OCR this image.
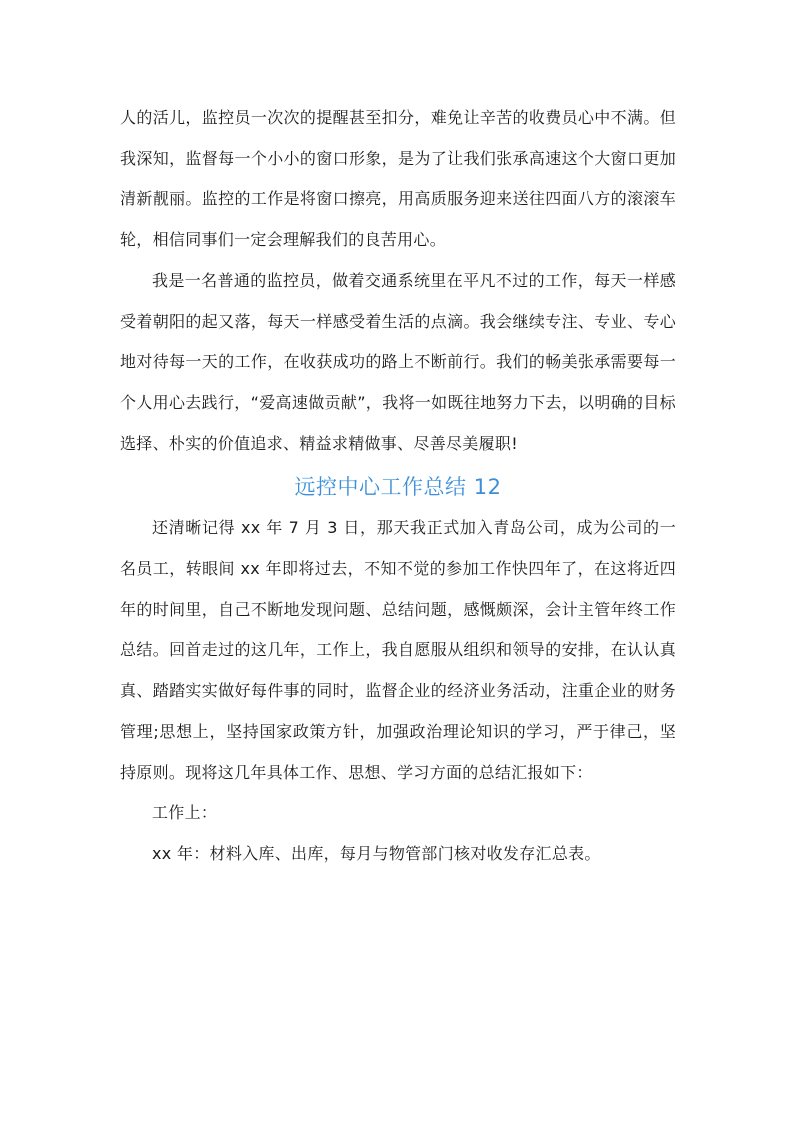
人的活儿，监控员一次次的提醒甚至扣分，难免让辛苦的收费员心中不满。但我深知，监督每一个小小的窗口形象，是为了让我们张承高速这个大窗口更加清新靓丽。监控的工作是将窗口擦亮，用高质服务迎来送往四面八方的滚滚车轮，相信同事们一定会理解我们的良苦用心。

我是一名普通的监控员，做着交通系统里在平凡不过的工作，每天一样感受着朝阳的起又落，每天一样感受着生活的点滴。我会继续专注、专业、专心地对待每一天的工作，在收获成功的路上不断前行。我们的畅美张承需要每一个人用心去践行，“爱高速做贡献”，我将一如既往地努力下去，以明确的目标选择、朴实的价值追求、精益求精做事、尽善尽美履职!

远控中心工作总结 12

还清晰记得 xx 年 7 月 3 日，那天我正式加入青岛公司，成为公司的一名员工，转眼间 xx 年即将过去，不知不觉的参加工作快四年了，在这将近四年的时间里，自己不断地发现问题、总结问题，感慨颇深，会计主管年终工作总结。回首走过的这几年，工作上，我自愿服从组织和领导的安排，在认认真真、踏踏实实做好每件事的同时，监督企业的经济业务活动，注重企业的财务管理;思想上，坚持国家政策方针，加强政治理论知识的学习，严于律己，坚持原则。现将这几年具体工作、思想、学习方面的总结汇报如下：

工作上：

xx 年：材料入库、出库，每月与物管部门核对收发存汇总表。
